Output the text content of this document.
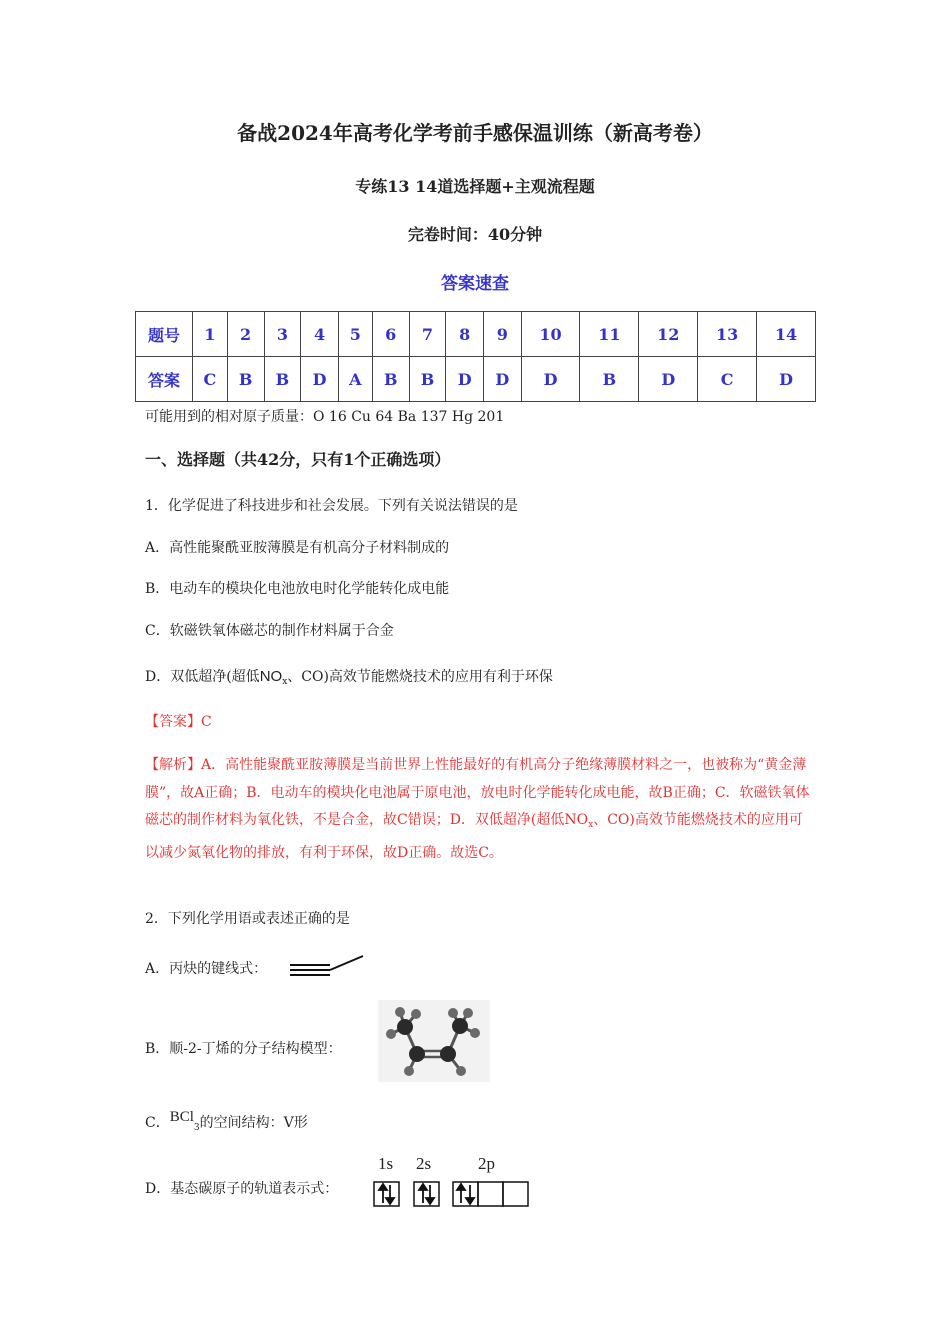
备战2024年高考化学考前手感保温训练（新高考卷）
专练13 14道选择题+主观流程题
完卷时间：40分钟
答案速查
题号	1	2	3	4	5	6	7	8	9	10	11	12	13	14
答案	C	B	B	D	A	B	B	D	D	D	B	D	C	D
可能用到的相对原子质量：O 16 Cu 64 Ba 137 Hg 201
一、选择题（共42分，只有1个正确选项）
1．化学促进了科技进步和社会发展。下列有关说法错误的是
A．高性能聚酰亚胺薄膜是有机高分子材料制成的
B．电动车的模块化电池放电时化学能转化成电能
C．软磁铁氧体磁芯的制作材料属于合金
D．双低超净(超低$NO_x$、CO)高效节能燃烧技术的应用有利于环保
【答案】C
【解析】A．高性能聚酰亚胺薄膜是当前世界上性能最好的有机高分子绝缘薄膜材料之一，也被称为“黄金薄膜”，故A正确；B．电动车的模块化电池属于原电池，放电时化学能转化成电能，故B正确；C．软磁铁氧体磁芯的制作材料为氧化铁，不是合金，故C错误；D．双低超净(超低$NO_x$、CO)高效节能燃烧技术的应用可以减少氮氧化物的排放，有利于环保，故D正确。故选C。
2．下列化学用语或表述正确的是
A．丙炔的键线式：
B．顺-2-丁烯的分子结构模型：
C．BCl$_3$的空间结构：V形
D．基态碳原子的轨道表示式：
1s 2s	2p
